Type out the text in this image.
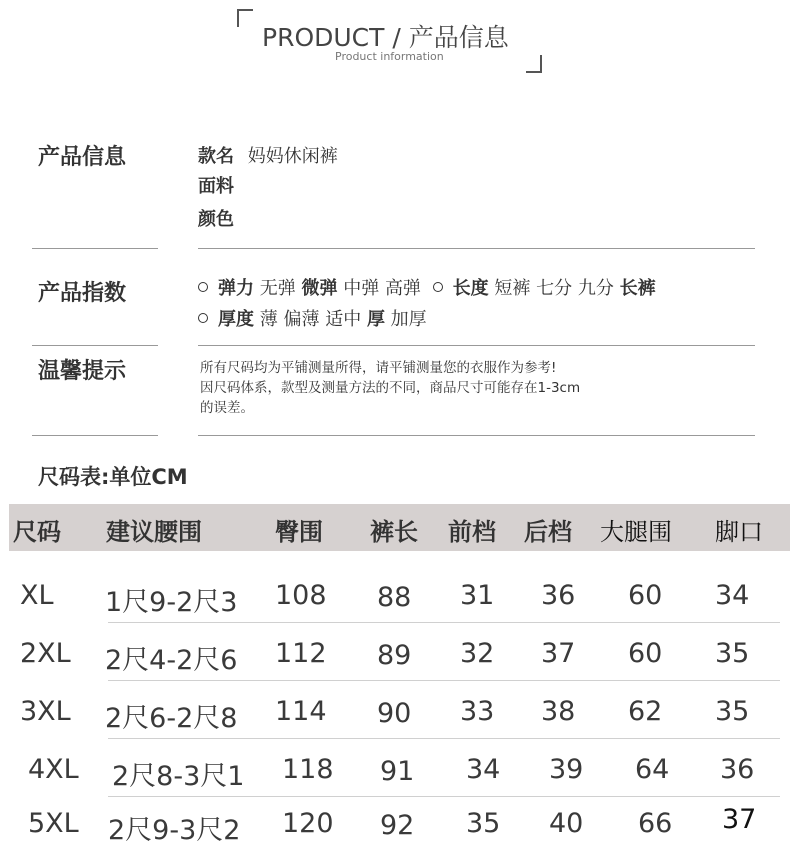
PRODUCT / 产品信息
Product information
产品信息	款名 妈妈休闲裤
面料
颜色
产品指数	弹力 无弹 微弹 中弹 高弹 长度 短裤 七分 九分 长裤
厚度 薄 偏薄 适中 厚 加厚
温馨提示	所有尺码均为平铺测量所得，请平铺测量您的衣服作为参考!
因尺码体系，款型及测量方法的不同，商品尺寸可能存在1-3cm
的误差。
尺码表:单位CM
尺码 建议腰围	臀围 裤长 前档 后档 大腿围 脚口
XL 1尺9-2尺3 108 88 31 36 60 34
2XL 2尺4-2尺6 112 89 32 37 60 35
3XL 2尺6-2尺8 114 90 33 38 62 35
4XL 2尺8-3尺1 118 91 34 39 64 36
5XL 2尺9-3尺2 120 92 35 40 66 37
